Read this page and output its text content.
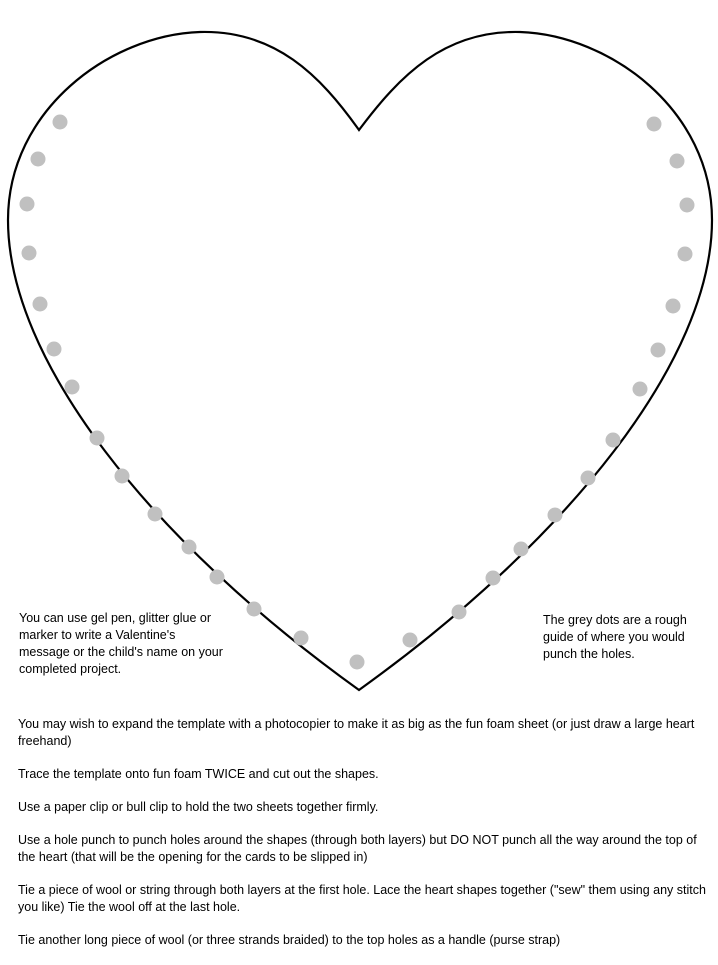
You can use gel pen, glitter glue or marker to write a Valentine's message or the child's name on your completed project.

The grey dots are a rough guide of where you would punch the holes.

You may wish to expand the template with a photocopier to make it as big as the fun foam sheet (or just draw a large heart freehand)
Trace the template onto fun foam TWICE and cut out the shapes.
Use a paper clip or bull clip to hold the two sheets together firmly.
Use a hole punch to punch holes around the shapes (through both layers) but DO NOT punch all the way around the top of the heart (that will be the opening for the cards to be slipped in)
Tie a piece of wool or string through both layers at the first hole. Lace the heart shapes together ("sew" them using any stitch you like) Tie the wool off at the last hole.
Tie another long piece of wool (or three strands braided) to the top holes as a handle (purse strap)
